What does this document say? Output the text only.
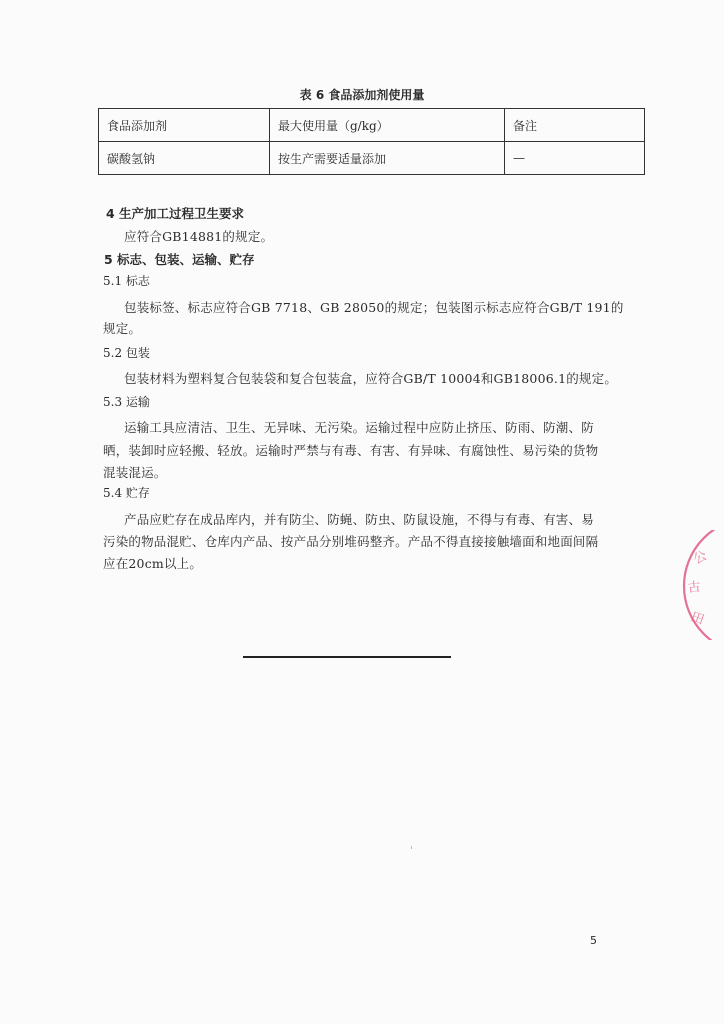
表 6 食品添加剂使用量
食品添加剂	最大使用量（g/kg）	备注
碳酸氢钠	按生产需要适量添加	—
4 生产加工过程卫生要求
应符合GB14881的规定。
5 标志、包装、运输、贮存
5.1 标志
包装标签、标志应符合GB 7718、GB 28050的规定；包装图示标志应符合GB/T 191的
规定。
5.2 包装
包装材料为塑料复合包装袋和复合包装盒，应符合GB/T 10004和GB18006.1的规定。
5.3 运输
运输工具应清洁、卫生、无异味、无污染。运输过程中应防止挤压、防雨、防潮、防
晒，装卸时应轻搬、轻放。运输时严禁与有毒、有害、有异味、有腐蚀性、易污染的货物
混装混运。
5.4 贮存
产品应贮存在成品库内，并有防尘、防蝇、防虫、防鼠设施，不得与有毒、有害、易
污染的物品混贮、仓库内产品、按产品分别堆码整齐。产品不得直接接触墙面和地面间隔
应在20cm以上。
5
公
古
田
